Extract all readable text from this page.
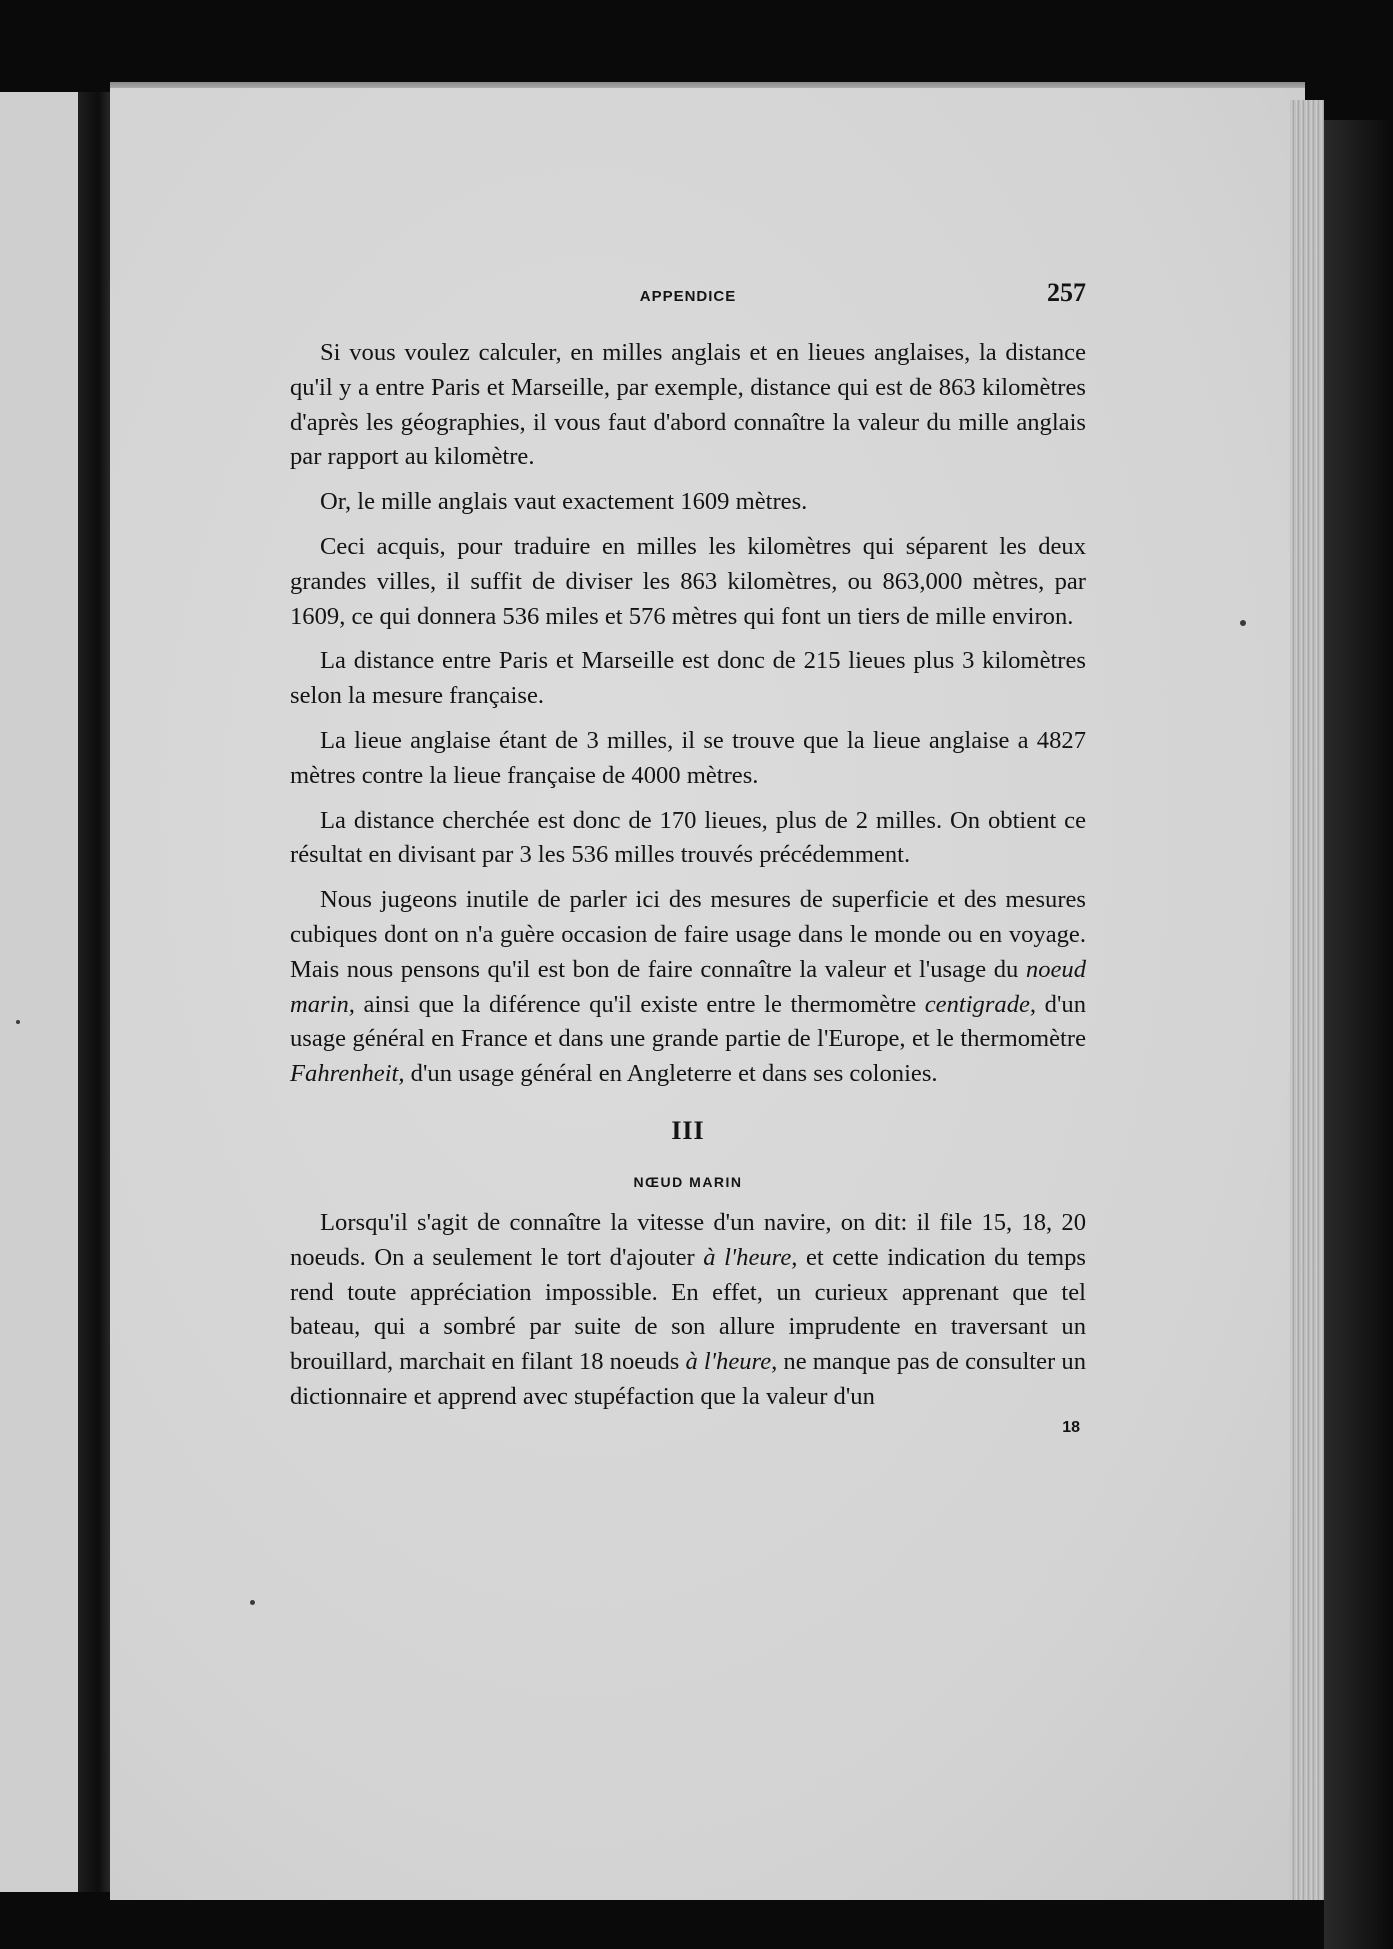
APPENDICE	257

Si vous voulez calculer, en milles anglais et en lieues anglaises, la distance qu'il y a entre Paris et Marseille, par exemple, distance qui est de 863 kilomètres d'après les géographies, il vous faut d'abord connaître la valeur du mille anglais par rapport au kilomètre.

Or, le mille anglais vaut exactement 1609 mètres.

Ceci acquis, pour traduire en milles les kilomètres qui séparent les deux grandes villes, il suffit de diviser les 863 kilomètres, ou 863,000 mètres, par 1609, ce qui donnera 536 miles et 576 mètres qui font un tiers de mille environ.

La distance entre Paris et Marseille est donc de 215 lieues plus 3 kilomètres selon la mesure française.

La lieue anglaise étant de 3 milles, il se trouve que la lieue anglaise a 4827 mètres contre la lieue française de 4000 mètres.

La distance cherchée est donc de 170 lieues, plus de 2 milles. On obtient ce résultat en divisant par 3 les 536 milles trouvés précédemment.

Nous jugeons inutile de parler ici des mesures de superficie et des mesures cubiques dont on n'a guère occasion de faire usage dans le monde ou en voyage. Mais nous pensons qu'il est bon de faire connaître la valeur et l'usage du noeud marin, ainsi que la diférence qu'il existe entre le thermomètre centigrade, d'un usage général en France et dans une grande partie de l'Europe, et le thermomètre Fahrenheit, d'un usage général en Angleterre et dans ses colonies.

III
NŒUD MARIN

Lorsqu'il s'agit de connaître la vitesse d'un navire, on dit: il file 15, 18, 20 noeuds. On a seulement le tort d'ajouter à l'heure, et cette indication du temps rend toute appréciation impossible. En effet, un curieux apprenant que tel bateau, qui a sombré par suite de son allure imprudente en traversant un brouillard, marchait en filant 18 noeuds à l'heure, ne manque pas de consulter un dictionnaire et apprend avec stupéfaction que la valeur d'un

18
